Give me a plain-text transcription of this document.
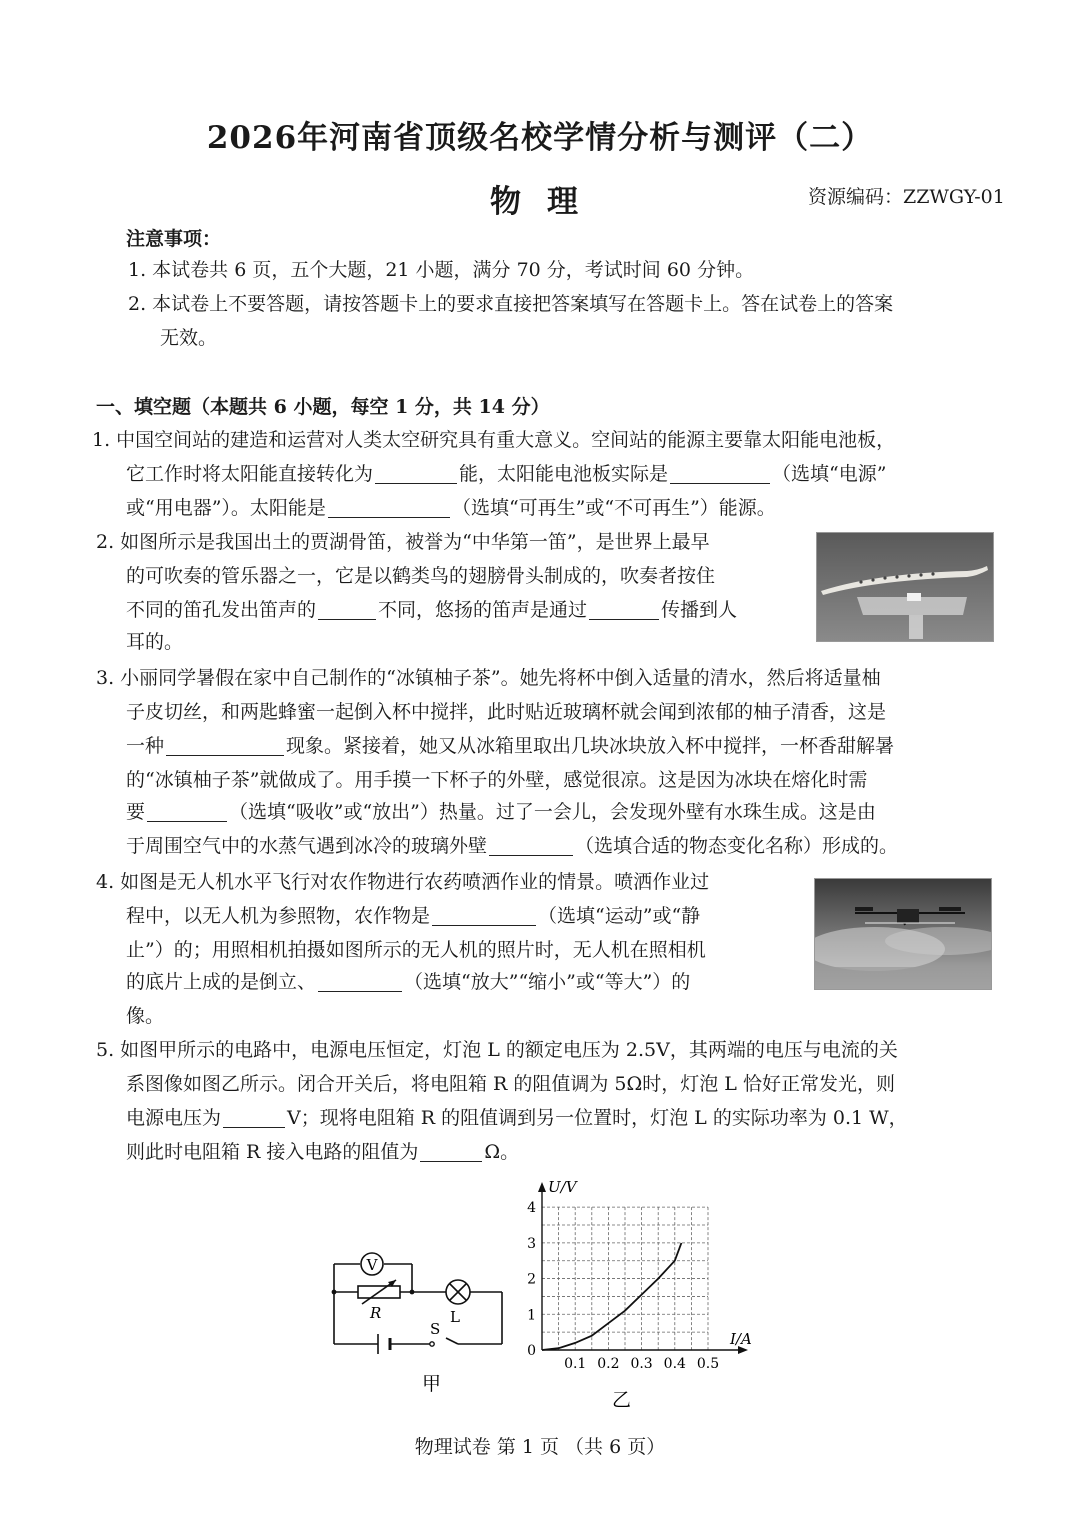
2026年河南省顶级名校学情分析与测评（二）
物理	资源编码：ZZWGY-01
注意事项：
1. 本试卷共 6 页，五个大题，21 小题，满分 70 分，考试时间 60 分钟。
2. 本试卷上不要答题，请按答题卡上的要求直接把答案填写在答题卡上。答在试卷上的答案
无效。
一、填空题（本题共 6 小题，每空 1 分，共 14 分）
1. 中国空间站的建造和运营对人类太空研究具有重大意义。空间站的能源主要靠太阳能电池板，
它工作时将太阳能直接转化为	能，太阳能电池板实际是	（选填“电源”
或“用电器”）。太阳能是	（选填“可再生”或“不可再生”）能源。
2. 如图所示是我国出土的贾湖骨笛，被誉为“中华第一笛”，是世界上最早
的可吹奏的管乐器之一，它是以鹤类鸟的翅膀骨头制成的，吹奏者按住
不同的笛孔发出笛声的	不同，悠扬的笛声是通过	传播到人
耳的。
3. 小丽同学暑假在家中自己制作的“冰镇柚子茶”。她先将杯中倒入适量的清水，然后将适量柚
子皮切丝，和两匙蜂蜜一起倒入杯中搅拌，此时贴近玻璃杯就会闻到浓郁的柚子清香，这是
一种	现象。紧接着，她又从冰箱里取出几块冰块放入杯中搅拌，一杯香甜解暑
的“冰镇柚子茶”就做成了。用手摸一下杯子的外壁，感觉很凉。这是因为冰块在熔化时需
要	（选填“吸收”或“放出”）热量。过了一会儿，会发现外壁有水珠生成。这是由
于周围空气中的水蒸气遇到冰冷的玻璃外壁	（选填合适的物态变化名称）形成的。
4. 如图是无人机水平飞行对农作物进行农药喷洒作业的情景。喷洒作业过
程中，以无人机为参照物，农作物是	（选填“运动”或“静
止”）的；用照相机拍摄如图所示的无人机的照片时，无人机在照相机
的底片上成的是倒立、	（选填“放大”“缩小”或“等大”）的
像。
5. 如图甲所示的电路中，电源电压恒定，灯泡 L 的额定电压为 2.5V，其两端的电压与电流的关
系图像如图乙所示。闭合开关后，将电阻箱 R 的阻值调为 5Ω时，灯泡 L 恰好正常发光，则
电源电压为	V；现将电阻箱 R 的阻值调到另一位置时，灯泡 L 的实际功率为 0.1 W，
则此时电阻箱 R 接入电路的阻值为	Ω。
V
R	L
S
甲
0.1 0.2 0.3 0.4 0.5
0
1
2
3
4
U/V
I/A
乙
物理试卷 第 1 页 （共 6 页）
